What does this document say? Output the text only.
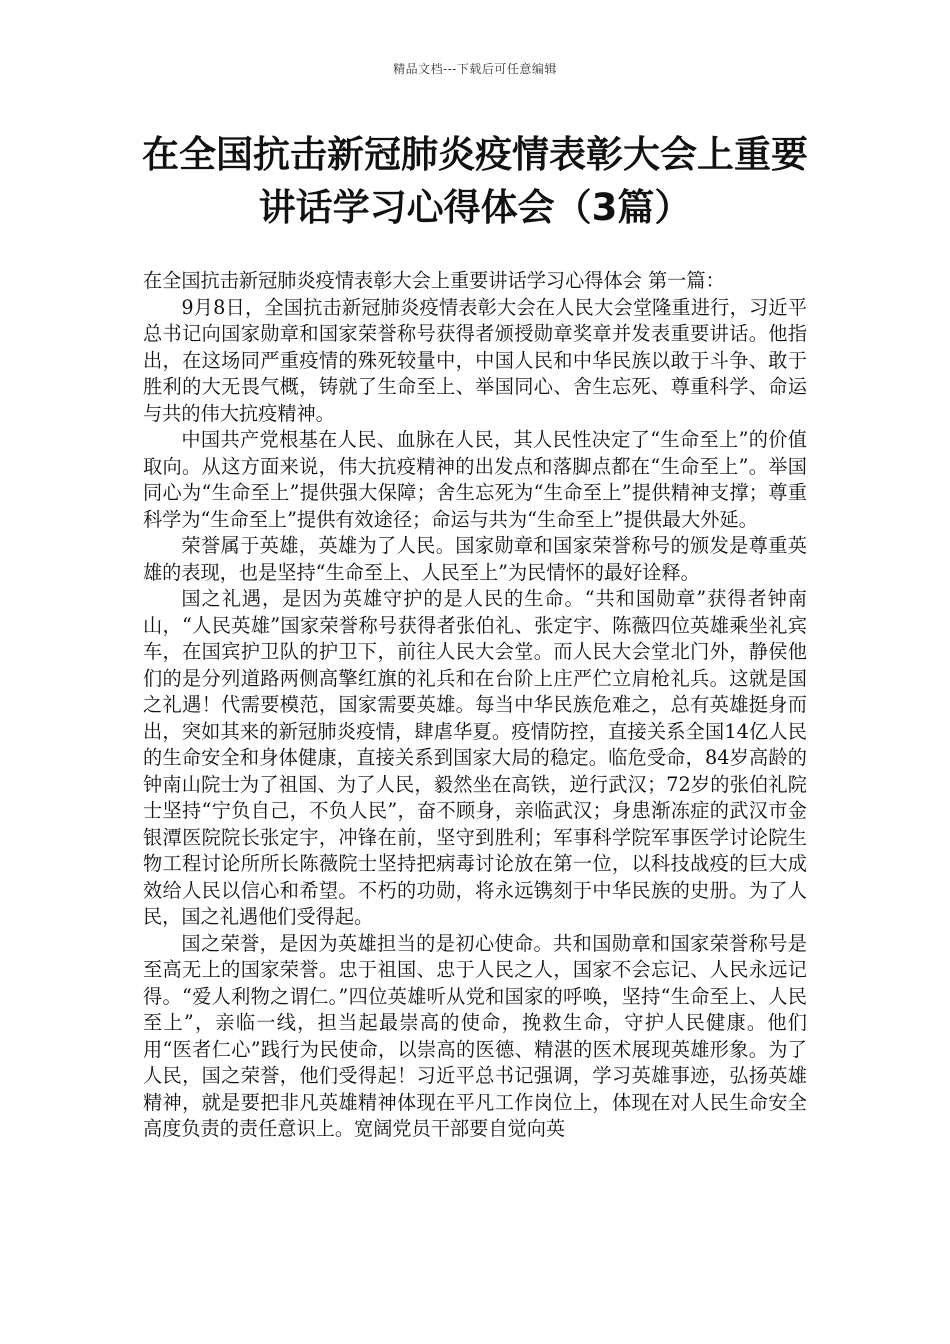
精品文档---下载后可任意编辑
在全国抗击新冠肺炎疫情表彰大会上重要讲话学习心得体会（3篇）

在全国抗击新冠肺炎疫情表彰大会上重要讲话学习心得体会 第一篇：

9月8日，全国抗击新冠肺炎疫情表彰大会在人民大会堂隆重进行，习近平总书记向国家勋章和国家荣誉称号获得者颁授勋章奖章并发表重要讲话。他指出，在这场同严重疫情的殊死较量中，中国人民和中华民族以敢于斗争、敢于胜利的大无畏气概，铸就了生命至上、举国同心、舍生忘死、尊重科学、命运与共的伟大抗疫精神。

中国共产党根基在人民、血脉在人民，其人民性决定了“生命至上”的价值取向。从这方面来说，伟大抗疫精神的出发点和落脚点都在“生命至上”。举国同心为“生命至上”提供强大保障；舍生忘死为“生命至上”提供精神支撑；尊重科学为“生命至上”提供有效途径；命运与共为“生命至上”提供最大外延。

荣誉属于英雄，英雄为了人民。国家勋章和国家荣誉称号的颁发是尊重英雄的表现，也是坚持“生命至上、人民至上”为民情怀的最好诠释。

国之礼遇，是因为英雄守护的是人民的生命。“共和国勋章”获得者钟南山，“人民英雄”国家荣誉称号获得者张伯礼、张定宇、陈薇四位英雄乘坐礼宾车，在国宾护卫队的护卫下，前往人民大会堂。而人民大会堂北门外，静侯他们的是分列道路两侧高擎红旗的礼兵和在台阶上庄严伫立肩枪礼兵。这就是国之礼遇！代需要模范，国家需要英雄。每当中华民族危难之，总有英雄挺身而出，突如其来的新冠肺炎疫情，肆虐华夏。疫情防控，直接关系全国14亿人民的生命安全和身体健康，直接关系到国家大局的稳定。临危受命，84岁高龄的钟南山院士为了祖国、为了人民，毅然坐在高铁，逆行武汉；72岁的张伯礼院士坚持“宁负自己，不负人民”，奋不顾身，亲临武汉；身患渐冻症的武汉市金银潭医院院长张定宇，冲锋在前，坚守到胜利；军事科学院军事医学讨论院生物工程讨论所所长陈薇院士坚持把病毒讨论放在第一位，以科技战疫的巨大成效给人民以信心和希望。不朽的功勋，将永远镌刻于中华民族的史册。为了人民，国之礼遇他们受得起。

国之荣誉，是因为英雄担当的是初心使命。共和国勋章和国家荣誉称号是至高无上的国家荣誉。忠于祖国、忠于人民之人，国家不会忘记、人民永远记得。“爱人利物之谓仁。”四位英雄听从党和国家的呼唤，坚持“生命至上、人民至上”，亲临一线，担当起最崇高的使命，挽救生命，守护人民健康。他们用“医者仁心”践行为民使命，以崇高的医德、精湛的医术展现英雄形象。为了人民，国之荣誉，他们受得起！习近平总书记强调，学习英雄事迹，弘扬英雄精神，就是要把非凡英雄精神体现在平凡工作岗位上，体现在对人民生命安全高度负责的责任意识上。宽阔党员干部要自觉向英
